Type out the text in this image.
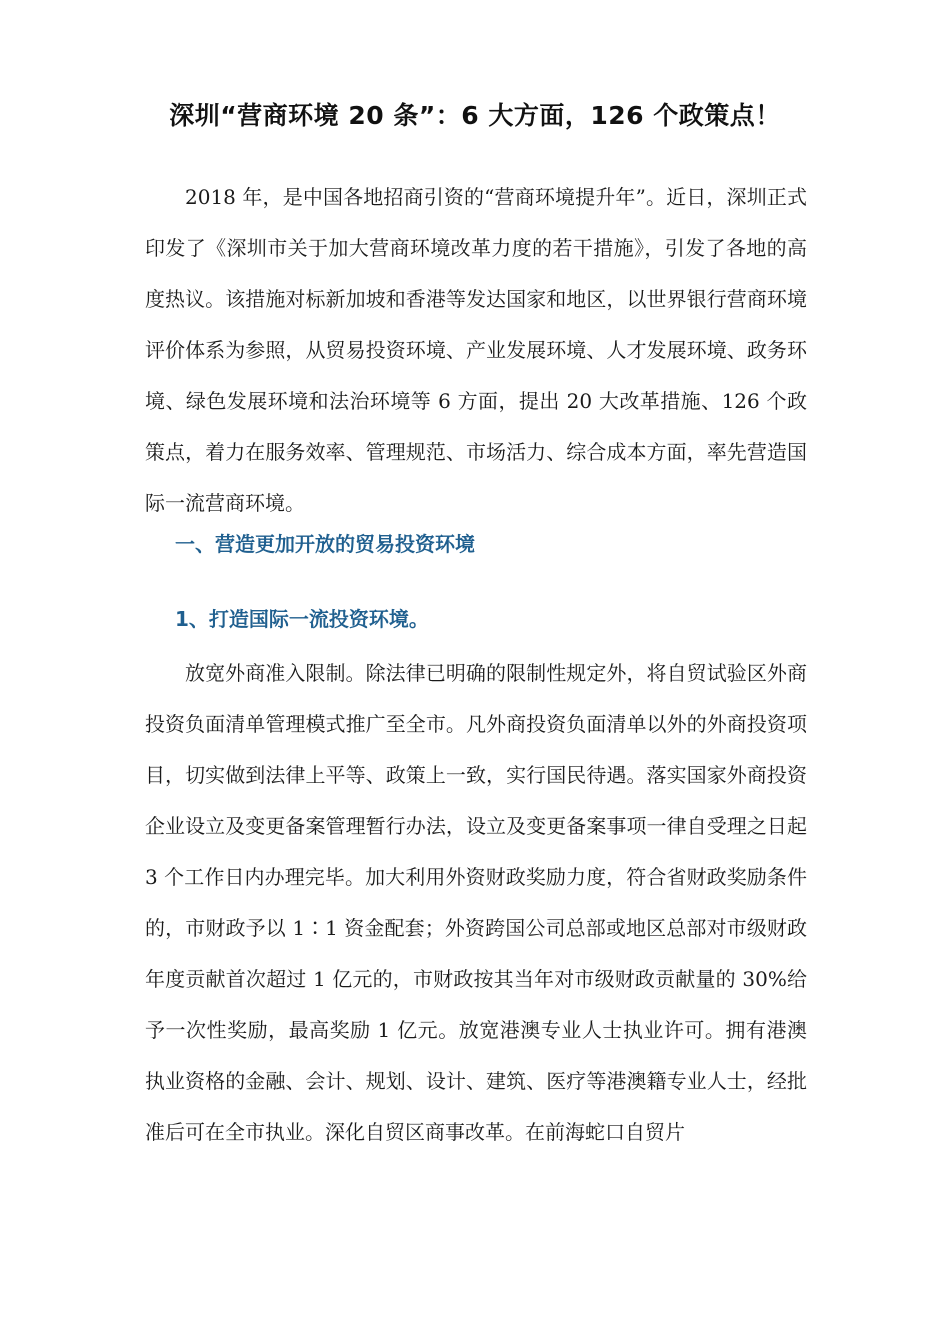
深圳“营商环境 20 条”：6 大方面，126 个政策点！

2018 年，是中国各地招商引资的“营商环境提升年”。近日，深圳正式印发了《深圳市关于加大营商环境改革力度的若干措施》，引发了各地的高度热议。该措施对标新加坡和香港等发达国家和地区，以世界银行营商环境评价体系为参照，从贸易投资环境、产业发展环境、人才发展环境、政务环境、绿色发展环境和法治环境等 6 方面，提出 20 大改革措施、126 个政策点，着力在服务效率、管理规范、市场活力、综合成本方面，率先营造国际一流营商环境。

一、营造更加开放的贸易投资环境
1、打造国际一流投资环境。

放宽外商准入限制。除法律已明确的限制性规定外，将自贸试验区外商投资负面清单管理模式推广至全市。凡外商投资负面清单以外的外商投资项目，切实做到法律上平等、政策上一致，实行国民待遇。落实国家外商投资企业设立及变更备案管理暂行办法，设立及变更备案事项一律自受理之日起 3 个工作日内办理完毕。加大利用外资财政奖励力度，符合省财政奖励条件的，市财政予以 1∶1 资金配套；外资跨国公司总部或地区总部对市级财政年度贡献首次超过 1 亿元的，市财政按其当年对市级财政贡献量的 30%给予一次性奖励，最高奖励 1 亿元。放宽港澳专业人士执业许可。拥有港澳执业资格的金融、会计、规划、设计、建筑、医疗等港澳籍专业人士，经批准后可在全市执业。深化自贸区商事改革。在前海蛇口自贸片
